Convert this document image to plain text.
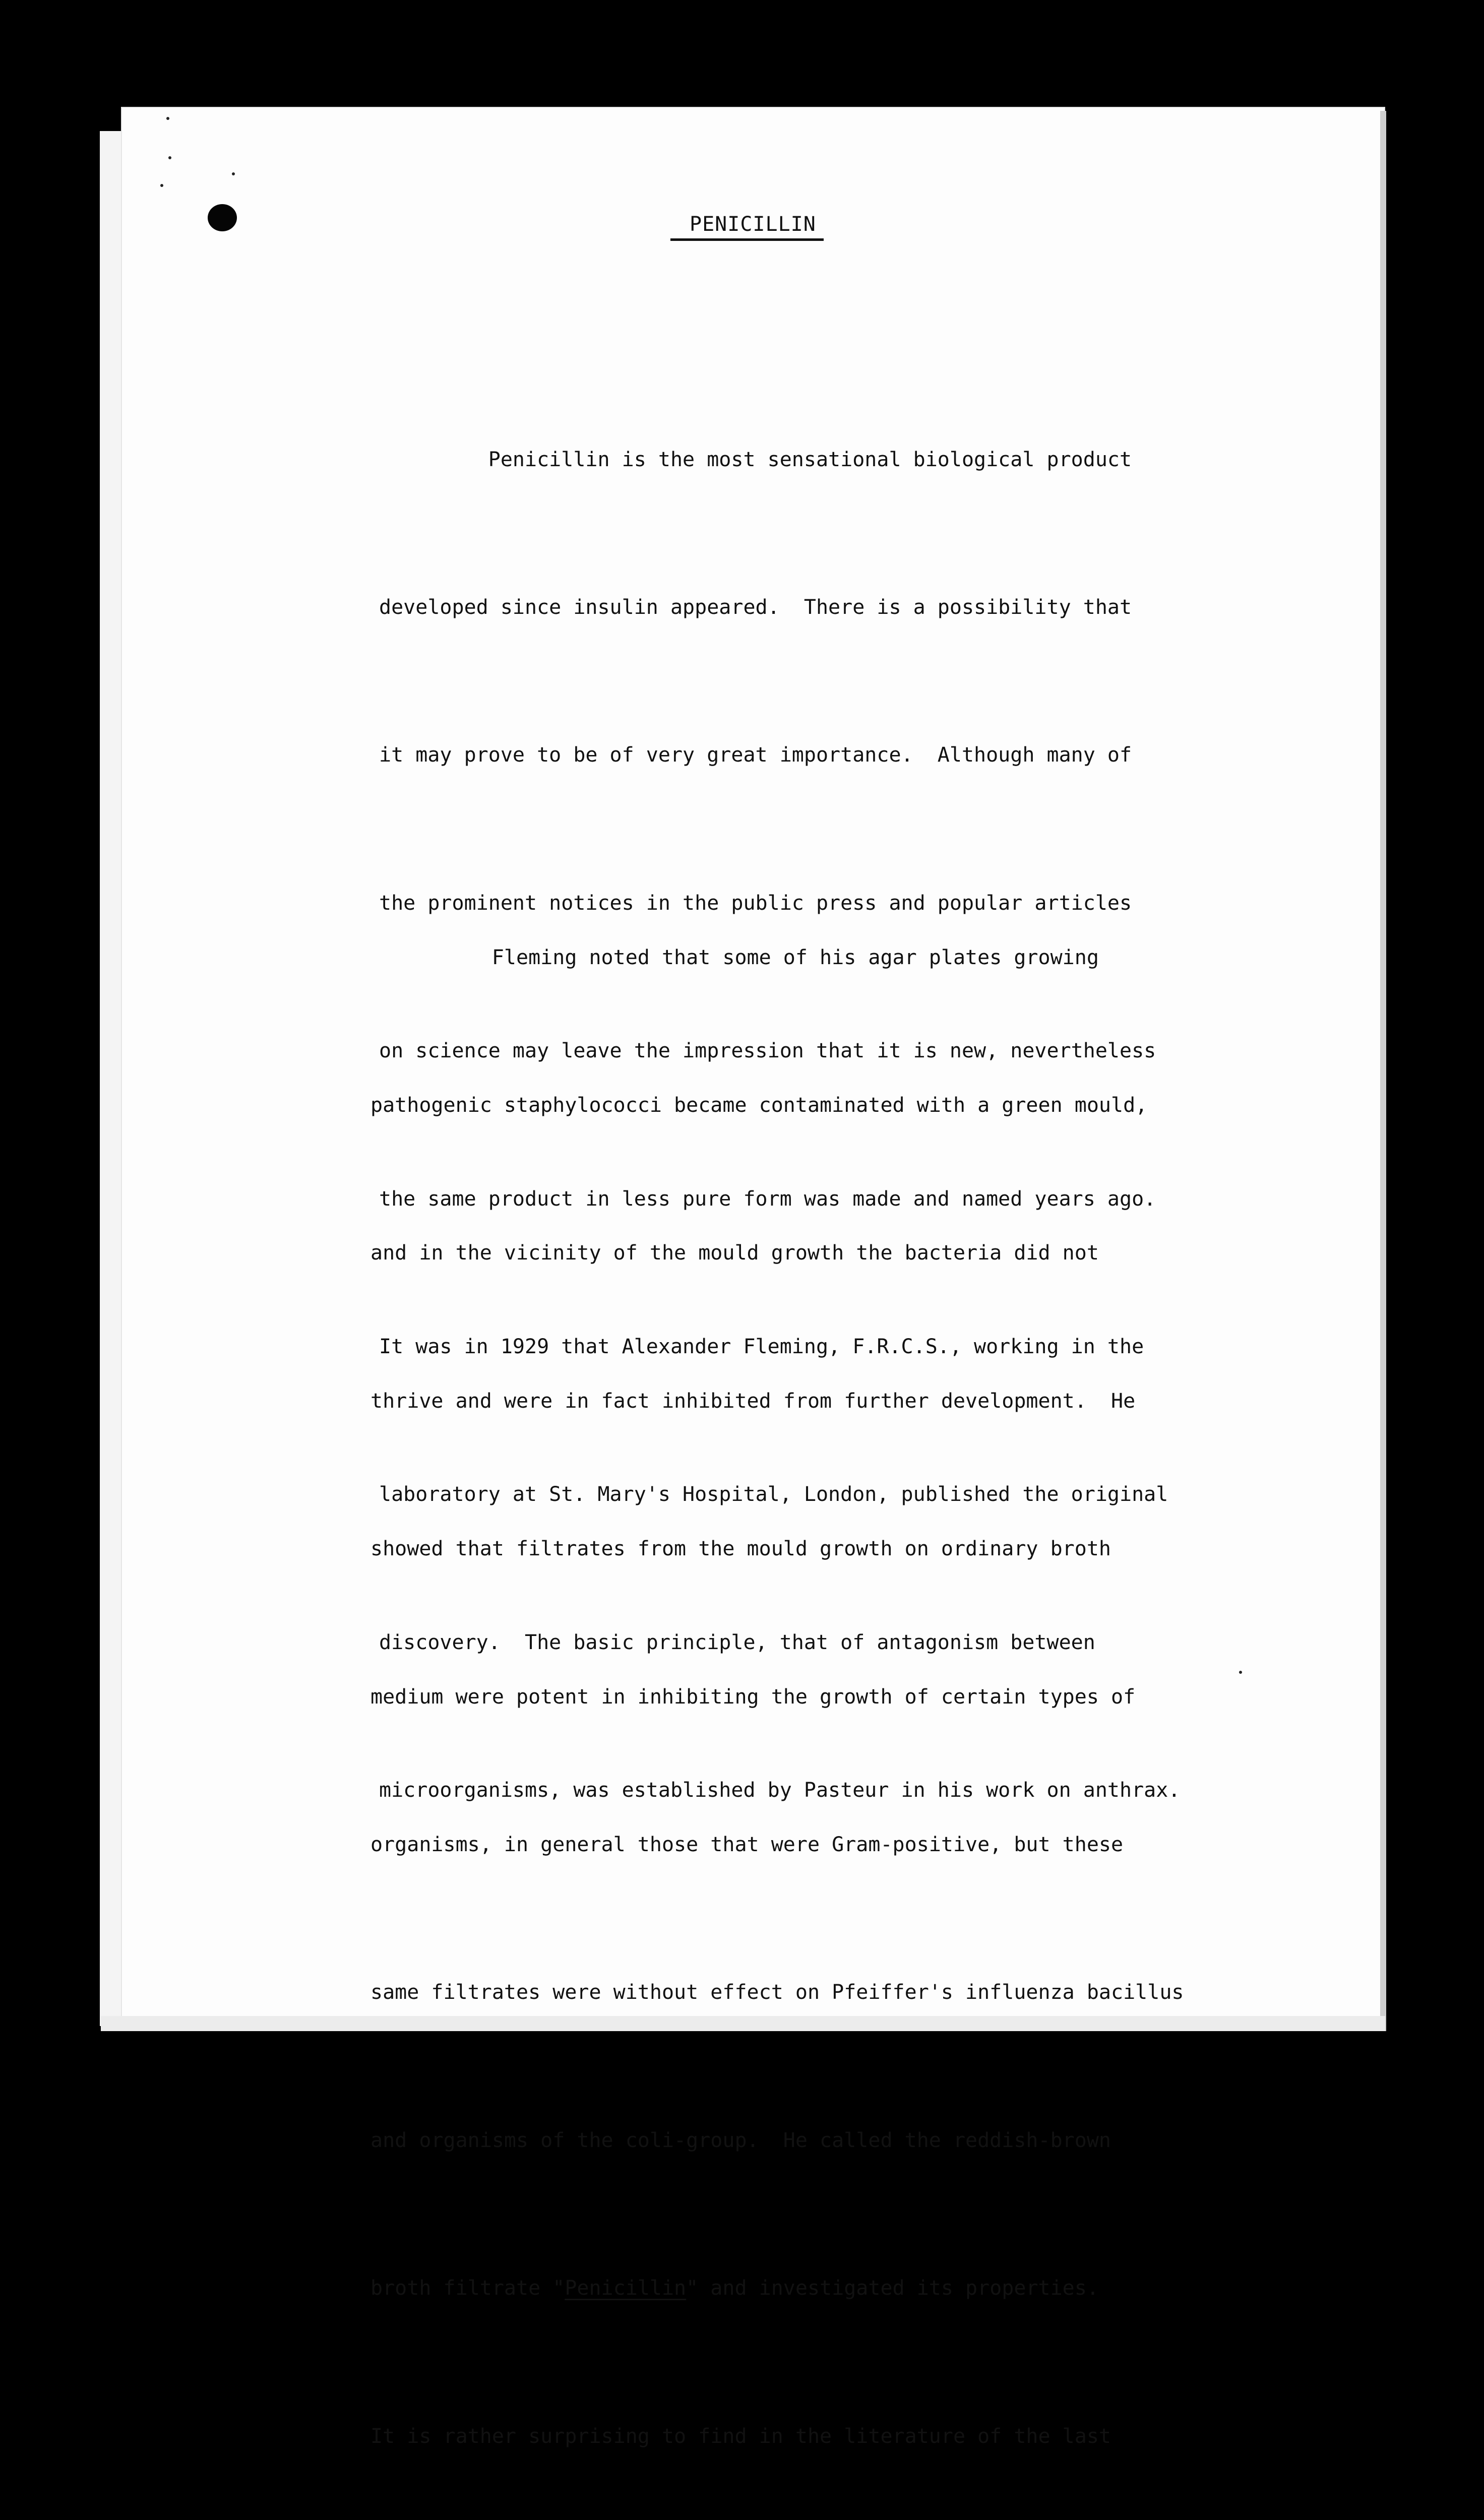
PENICILLIN

Penicillin is the most sensational biological product

developed since insulin appeared.  There is a possibility that

it may prove to be of very great importance.  Although many of

the prominent notices in the public press and popular articles

on science may leave the impression that it is new, nevertheless

the same product in less pure form was made and named years ago.

It was in 1929 that Alexander Fleming, F.R.C.S., working in the

laboratory at St. Mary's Hospital, London, published the original

discovery.  The basic principle, that of antagonism between

microorganisms, was established by Pasteur in his work on anthrax.

Fleming noted that some of his agar plates growing

pathogenic staphylococci became contaminated with a green mould,

and in the vicinity of the mould growth the bacteria did not

thrive and were in fact inhibited from further development.  He

showed that filtrates from the mould growth on ordinary broth

medium were potent in inhibiting the growth of certain types of

organisms, in general those that were Gram-positive, but these

same filtrates were without effect on Pfeiffer's influenza bacillus

and organisms of the coli-group.  He called the reddish-brown

broth filtrate "Penicillin" and investigated its properties.

It is rather surprising to find in the literature of the last
